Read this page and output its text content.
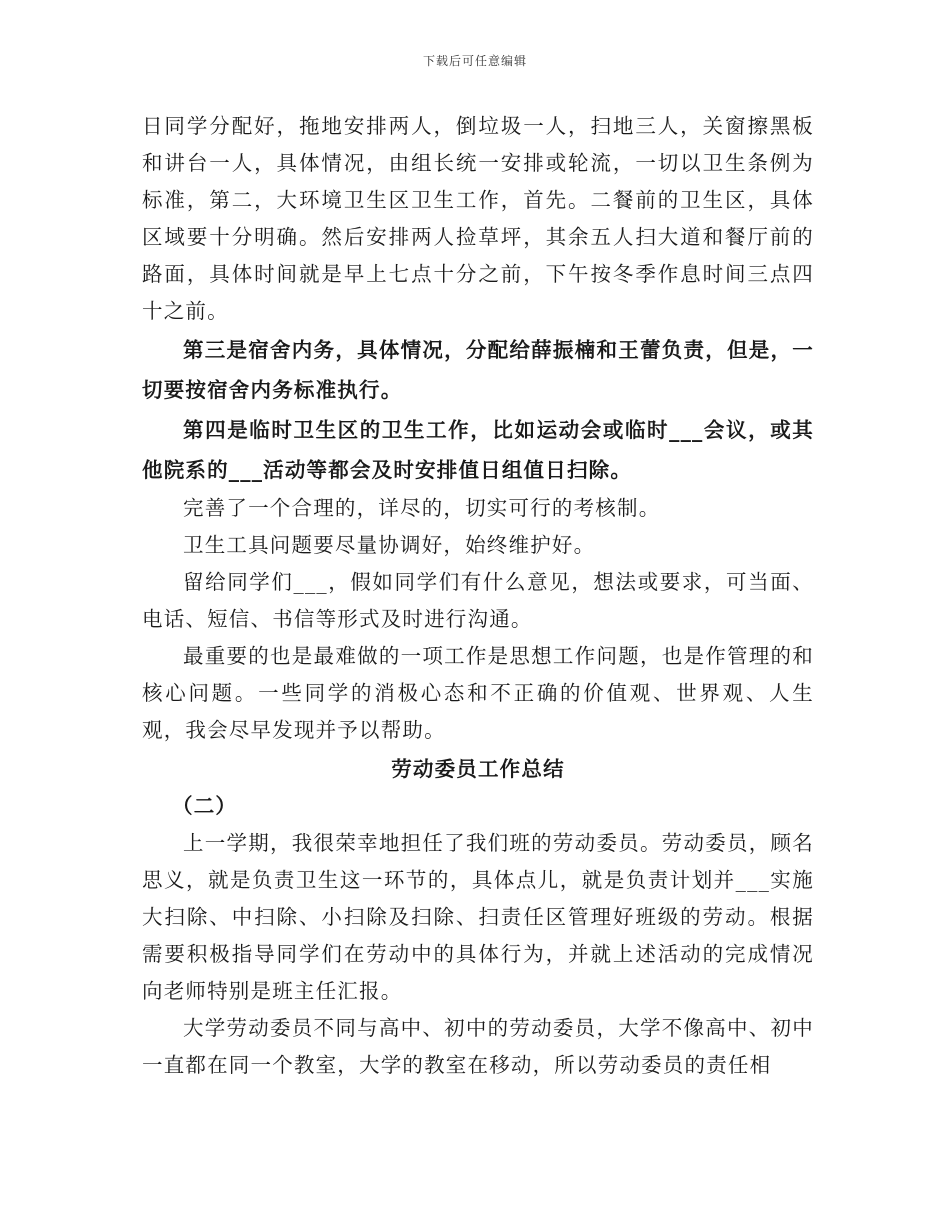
下载后可任意编辑

日同学分配好，拖地安排两人，倒垃圾一人，扫地三人，关窗擦黑板和讲台一人，具体情况，由组长统一安排或轮流，一切以卫生条例为标准，第二，大环境卫生区卫生工作，首先。二餐前的卫生区，具体区域要十分明确。然后安排两人捡草坪，其余五人扫大道和餐厅前的路面，具体时间就是早上七点十分之前，下午按冬季作息时间三点四十之前。

第三是宿舍内务，具体情况，分配给薛振楠和王蕾负责，但是，一切要按宿舍内务标准执行。

第四是临时卫生区的卫生工作，比如运动会或临时___会议，或其他院系的___活动等都会及时安排值日组值日扫除。

完善了一个合理的，详尽的，切实可行的考核制。

卫生工具问题要尽量协调好，始终维护好。

留给同学们___，假如同学们有什么意见，想法或要求，可当面、电话、短信、书信等形式及时进行沟通。

最重要的也是最难做的一项工作是思想工作问题，也是作管理的和核心问题。一些同学的消极心态和不正确的价值观、世界观、人生观，我会尽早发现并予以帮助。

劳动委员工作总结

（二）

上一学期，我很荣幸地担任了我们班的劳动委员。劳动委员，顾名思义，就是负责卫生这一环节的，具体点儿，就是负责计划并___实施大扫除、中扫除、小扫除及扫除、扫责任区管理好班级的劳动。根据需要积极指导同学们在劳动中的具体行为，并就上述活动的完成情况向老师特别是班主任汇报。

大学劳动委员不同与高中、初中的劳动委员，大学不像高中、初中一直都在同一个教室，大学的教室在移动，所以劳动委员的责任相
